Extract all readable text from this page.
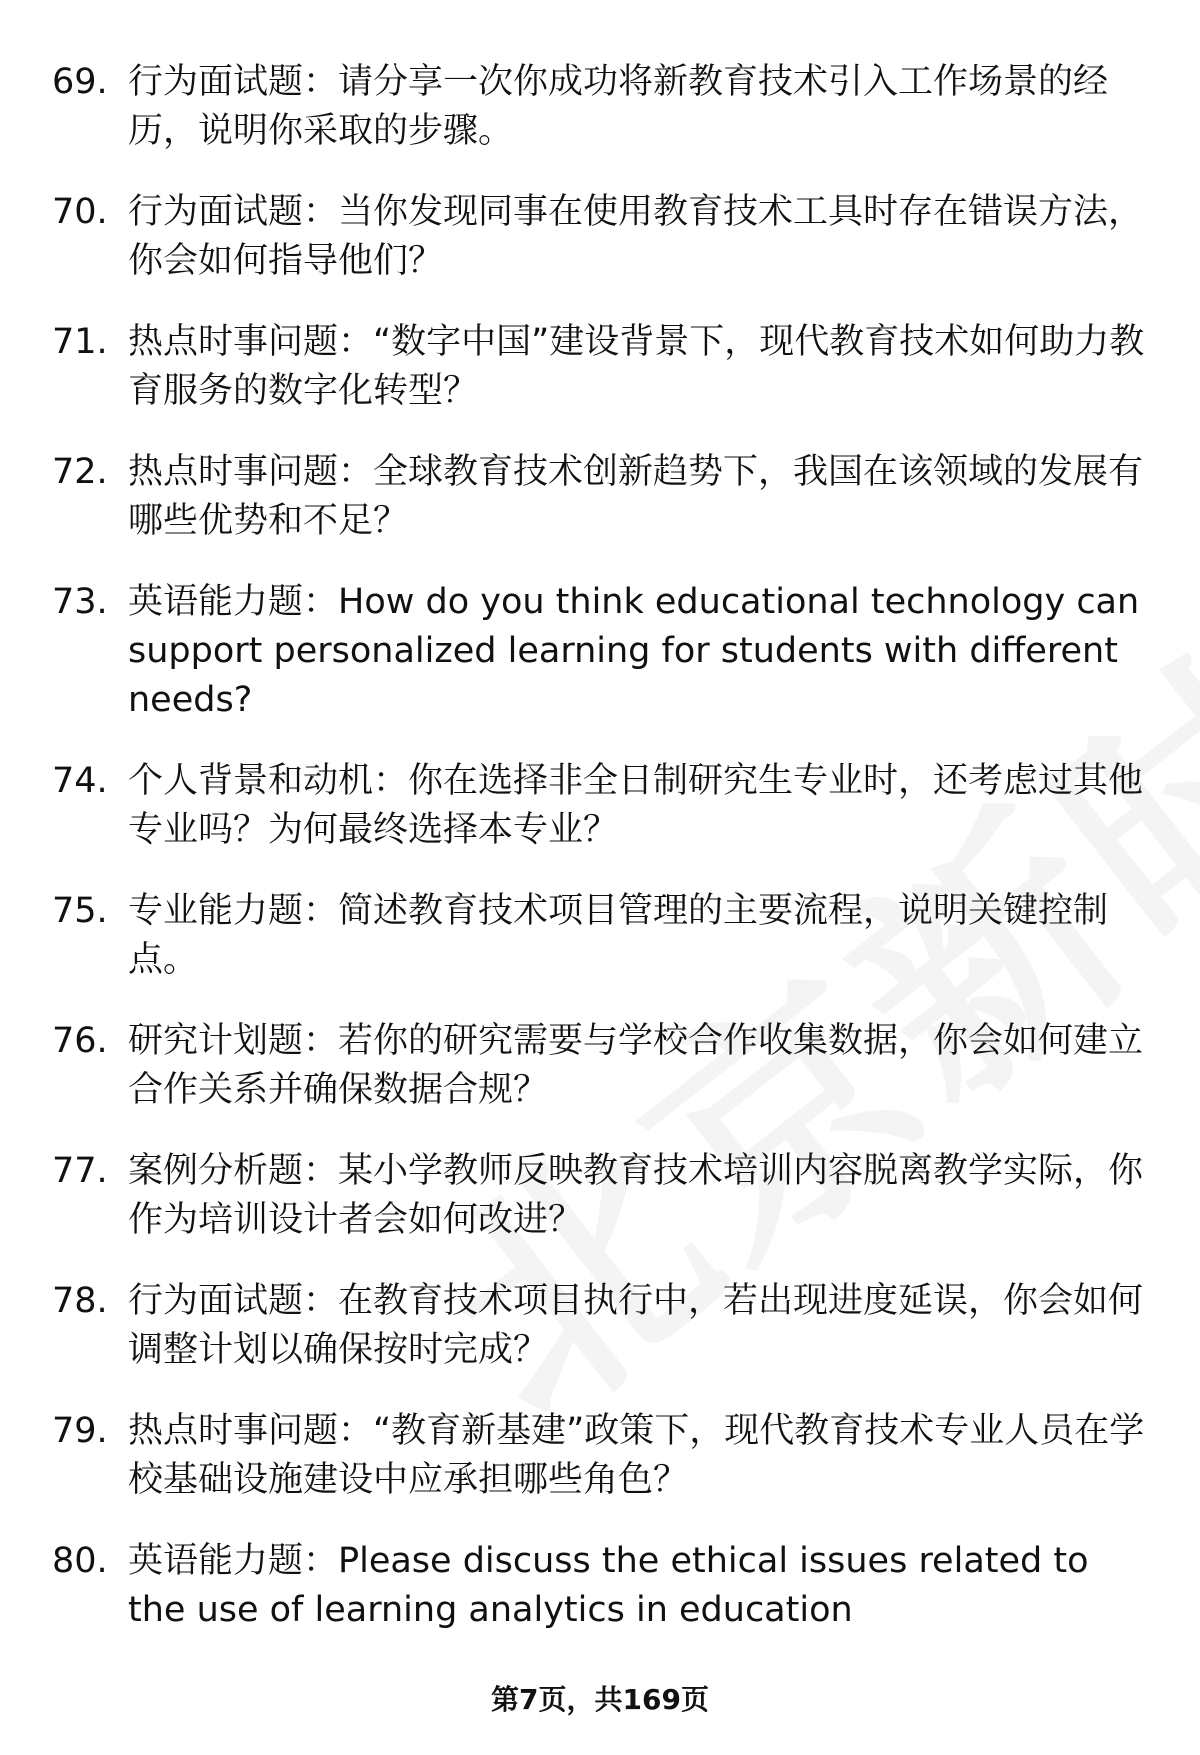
69. 行为面试题：请分享一次你成功将新教育技术引入工作场景的经历，说明你采取的步骤。
70. 行为面试题：当你发现同事在使用教育技术工具时存在错误方法，你会如何指导他们？
71. 热点时事问题：“数字中国”建设背景下，现代教育技术如何助力教育服务的数字化转型？
72. 热点时事问题：全球教育技术创新趋势下，我国在该领域的发展有哪些优势和不足？
73. 英语能力题：How do you think educational technology can support personalized learning for students with different needs?
74. 个人背景和动机：你在选择非全日制研究生专业时，还考虑过其他专业吗？为何最终选择本专业？
75. 专业能力题：简述教育技术项目管理的主要流程，说明关键控制点。
76. 研究计划题：若你的研究需要与学校合作收集数据，你会如何建立合作关系并确保数据合规？
77. 案例分析题：某小学教师反映教育技术培训内容脱离教学实际，你作为培训设计者会如何改进？
78. 行为面试题：在教育技术项目执行中，若出现进度延误，你会如何调整计划以确保按时完成？
79. 热点时事问题：“教育新基建”政策下，现代教育技术专业人员在学校基础设施建设中应承担哪些角色？
80. 英语能力题：Please discuss the ethical issues related to the use of learning analytics in education
第7页，共169页
